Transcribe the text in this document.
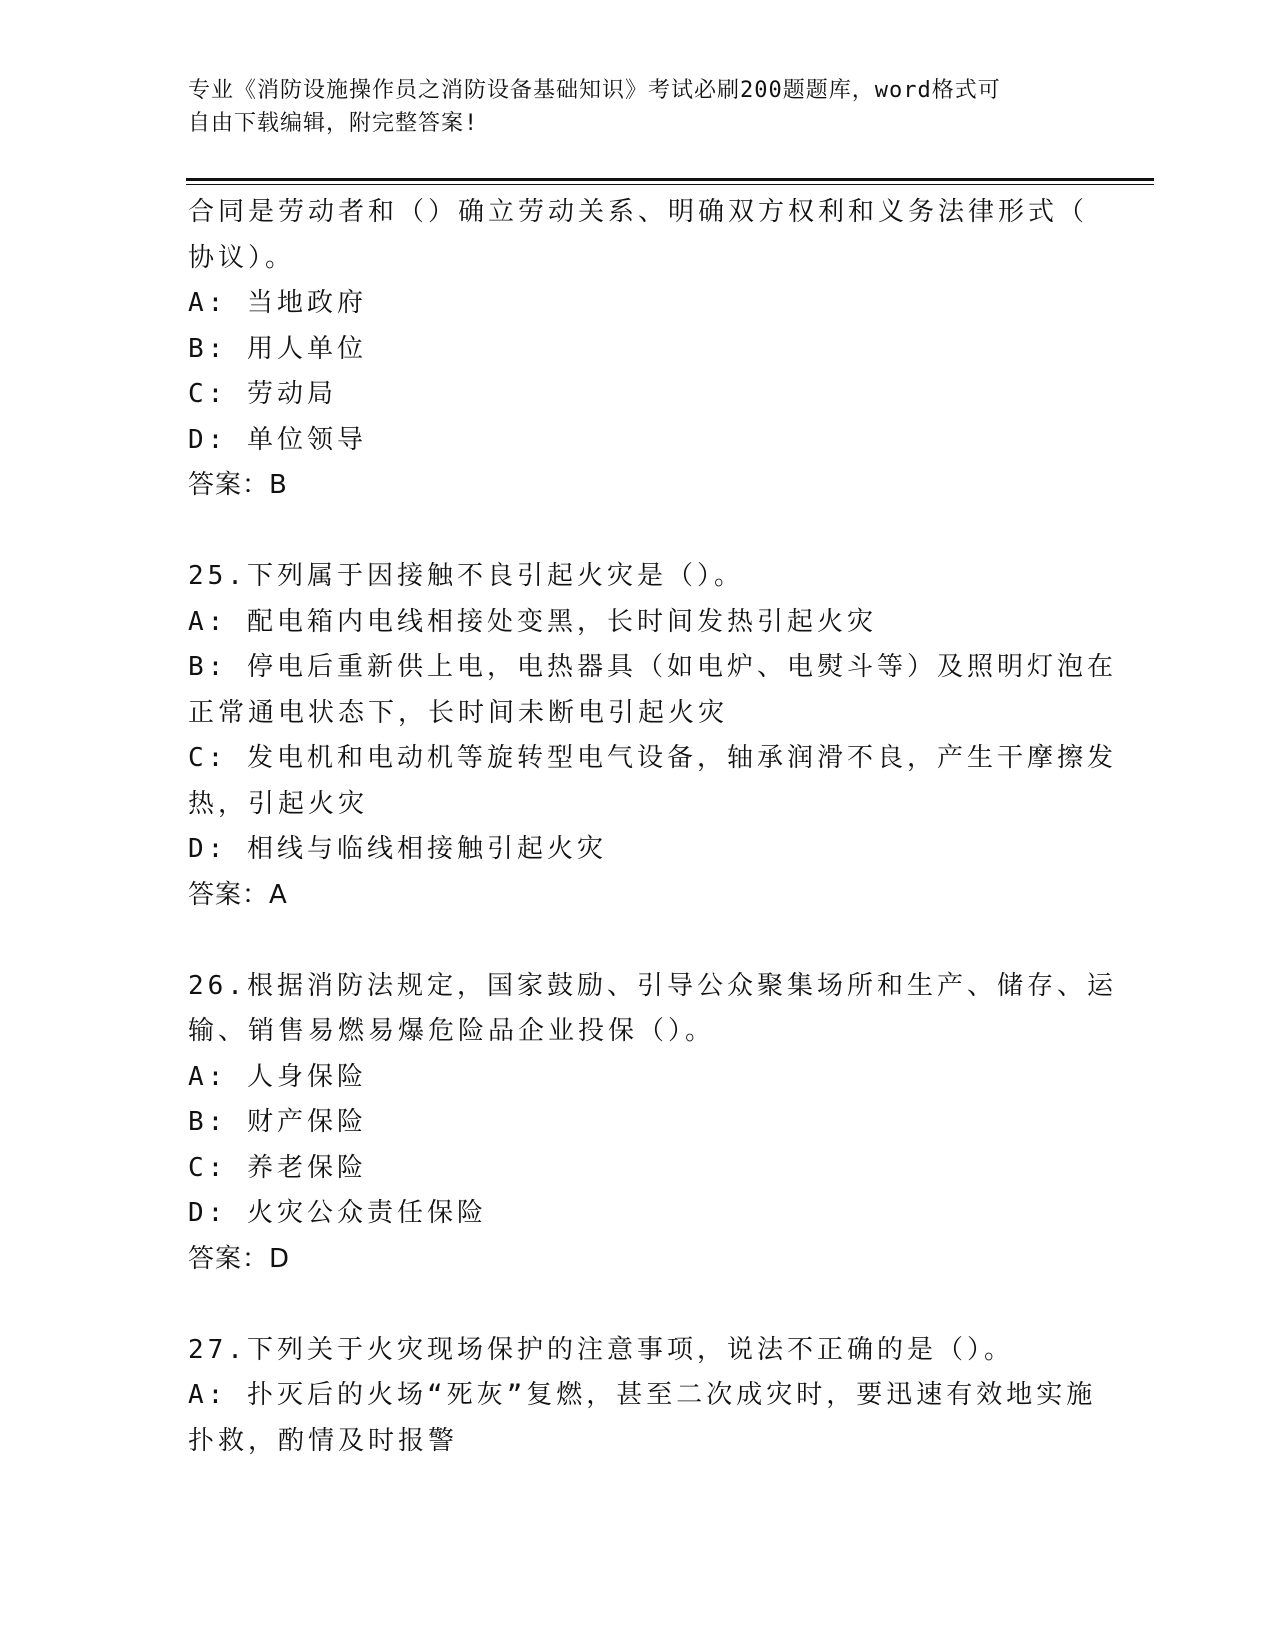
专业《消防设施操作员之消防设备基础知识》考试必刷200题题库，word格式可
自由下载编辑，附完整答案!
合同是劳动者和（）确立劳动关系、明确双方权利和义务法律形式（
协议）。
A: 当地政府
B: 用人单位
C: 劳动局
D: 单位领导
答案：B
25.下列属于因接触不良引起火灾是（）。
A: 配电箱内电线相接处变黑，长时间发热引起火灾
B: 停电后重新供上电，电热器具（如电炉、电熨斗等）及照明灯泡在
正常通电状态下，长时间未断电引起火灾
C: 发电机和电动机等旋转型电气设备，轴承润滑不良，产生干摩擦发
热，引起火灾
D: 相线与临线相接触引起火灾
答案：A
26.根据消防法规定，国家鼓励、引导公众聚集场所和生产、储存、运
输、销售易燃易爆危险品企业投保（）。
A: 人身保险
B: 财产保险
C: 养老保险
D: 火灾公众责任保险
答案：D
27.下列关于火灾现场保护的注意事项，说法不正确的是（）。
A: 扑灭后的火场“死灰”复燃，甚至二次成灾时，要迅速有效地实施
扑救，酌情及时报警
